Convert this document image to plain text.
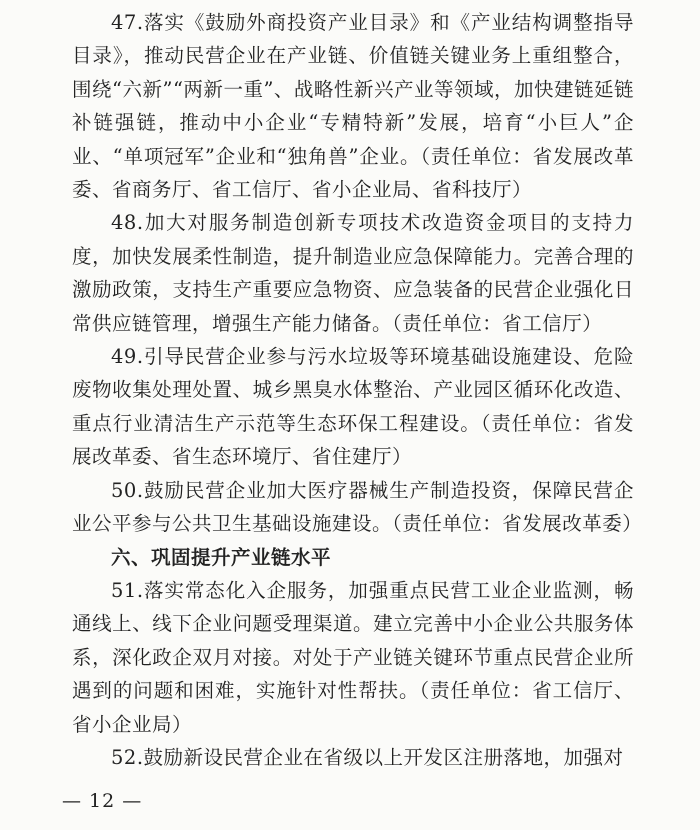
47.落实《鼓励外商投资产业目录》和《产业结构调整指导目录》，推动民营企业在产业链、价值链关键业务上重组整合，围绕“六新”“两新一重”、战略性新兴产业等领域，加快建链延链补链强链，推动中小企业“专精特新”发展，培育“小巨人”企业、“单项冠军”企业和“独角兽”企业。（责任单位：省发展改革委、省商务厅、省工信厅、省小企业局、省科技厅）

48.加大对服务制造创新专项技术改造资金项目的支持力度，加快发展柔性制造，提升制造业应急保障能力。完善合理的激励政策，支持生产重要应急物资、应急装备的民营企业强化日常供应链管理，增强生产能力储备。（责任单位：省工信厅）

49.引导民营企业参与污水垃圾等环境基础设施建设、危险废物收集处理处置、城乡黑臭水体整治、产业园区循环化改造、重点行业清洁生产示范等生态环保工程建设。（责任单位：省发展改革委、省生态环境厅、省住建厅）

50.鼓励民营企业加大医疗器械生产制造投资，保障民营企业公平参与公共卫生基础设施建设。（责任单位：省发展改革委）

六、巩固提升产业链水平

51.落实常态化入企服务，加强重点民营工业企业监测，畅通线上、线下企业问题受理渠道。建立完善中小企业公共服务体系，深化政企双月对接。对处于产业链关键环节重点民营企业所遇到的问题和困难，实施针对性帮扶。（责任单位：省工信厅、省小企业局）

52.鼓励新设民营企业在省级以上开发区注册落地，加强对

— 12 —
